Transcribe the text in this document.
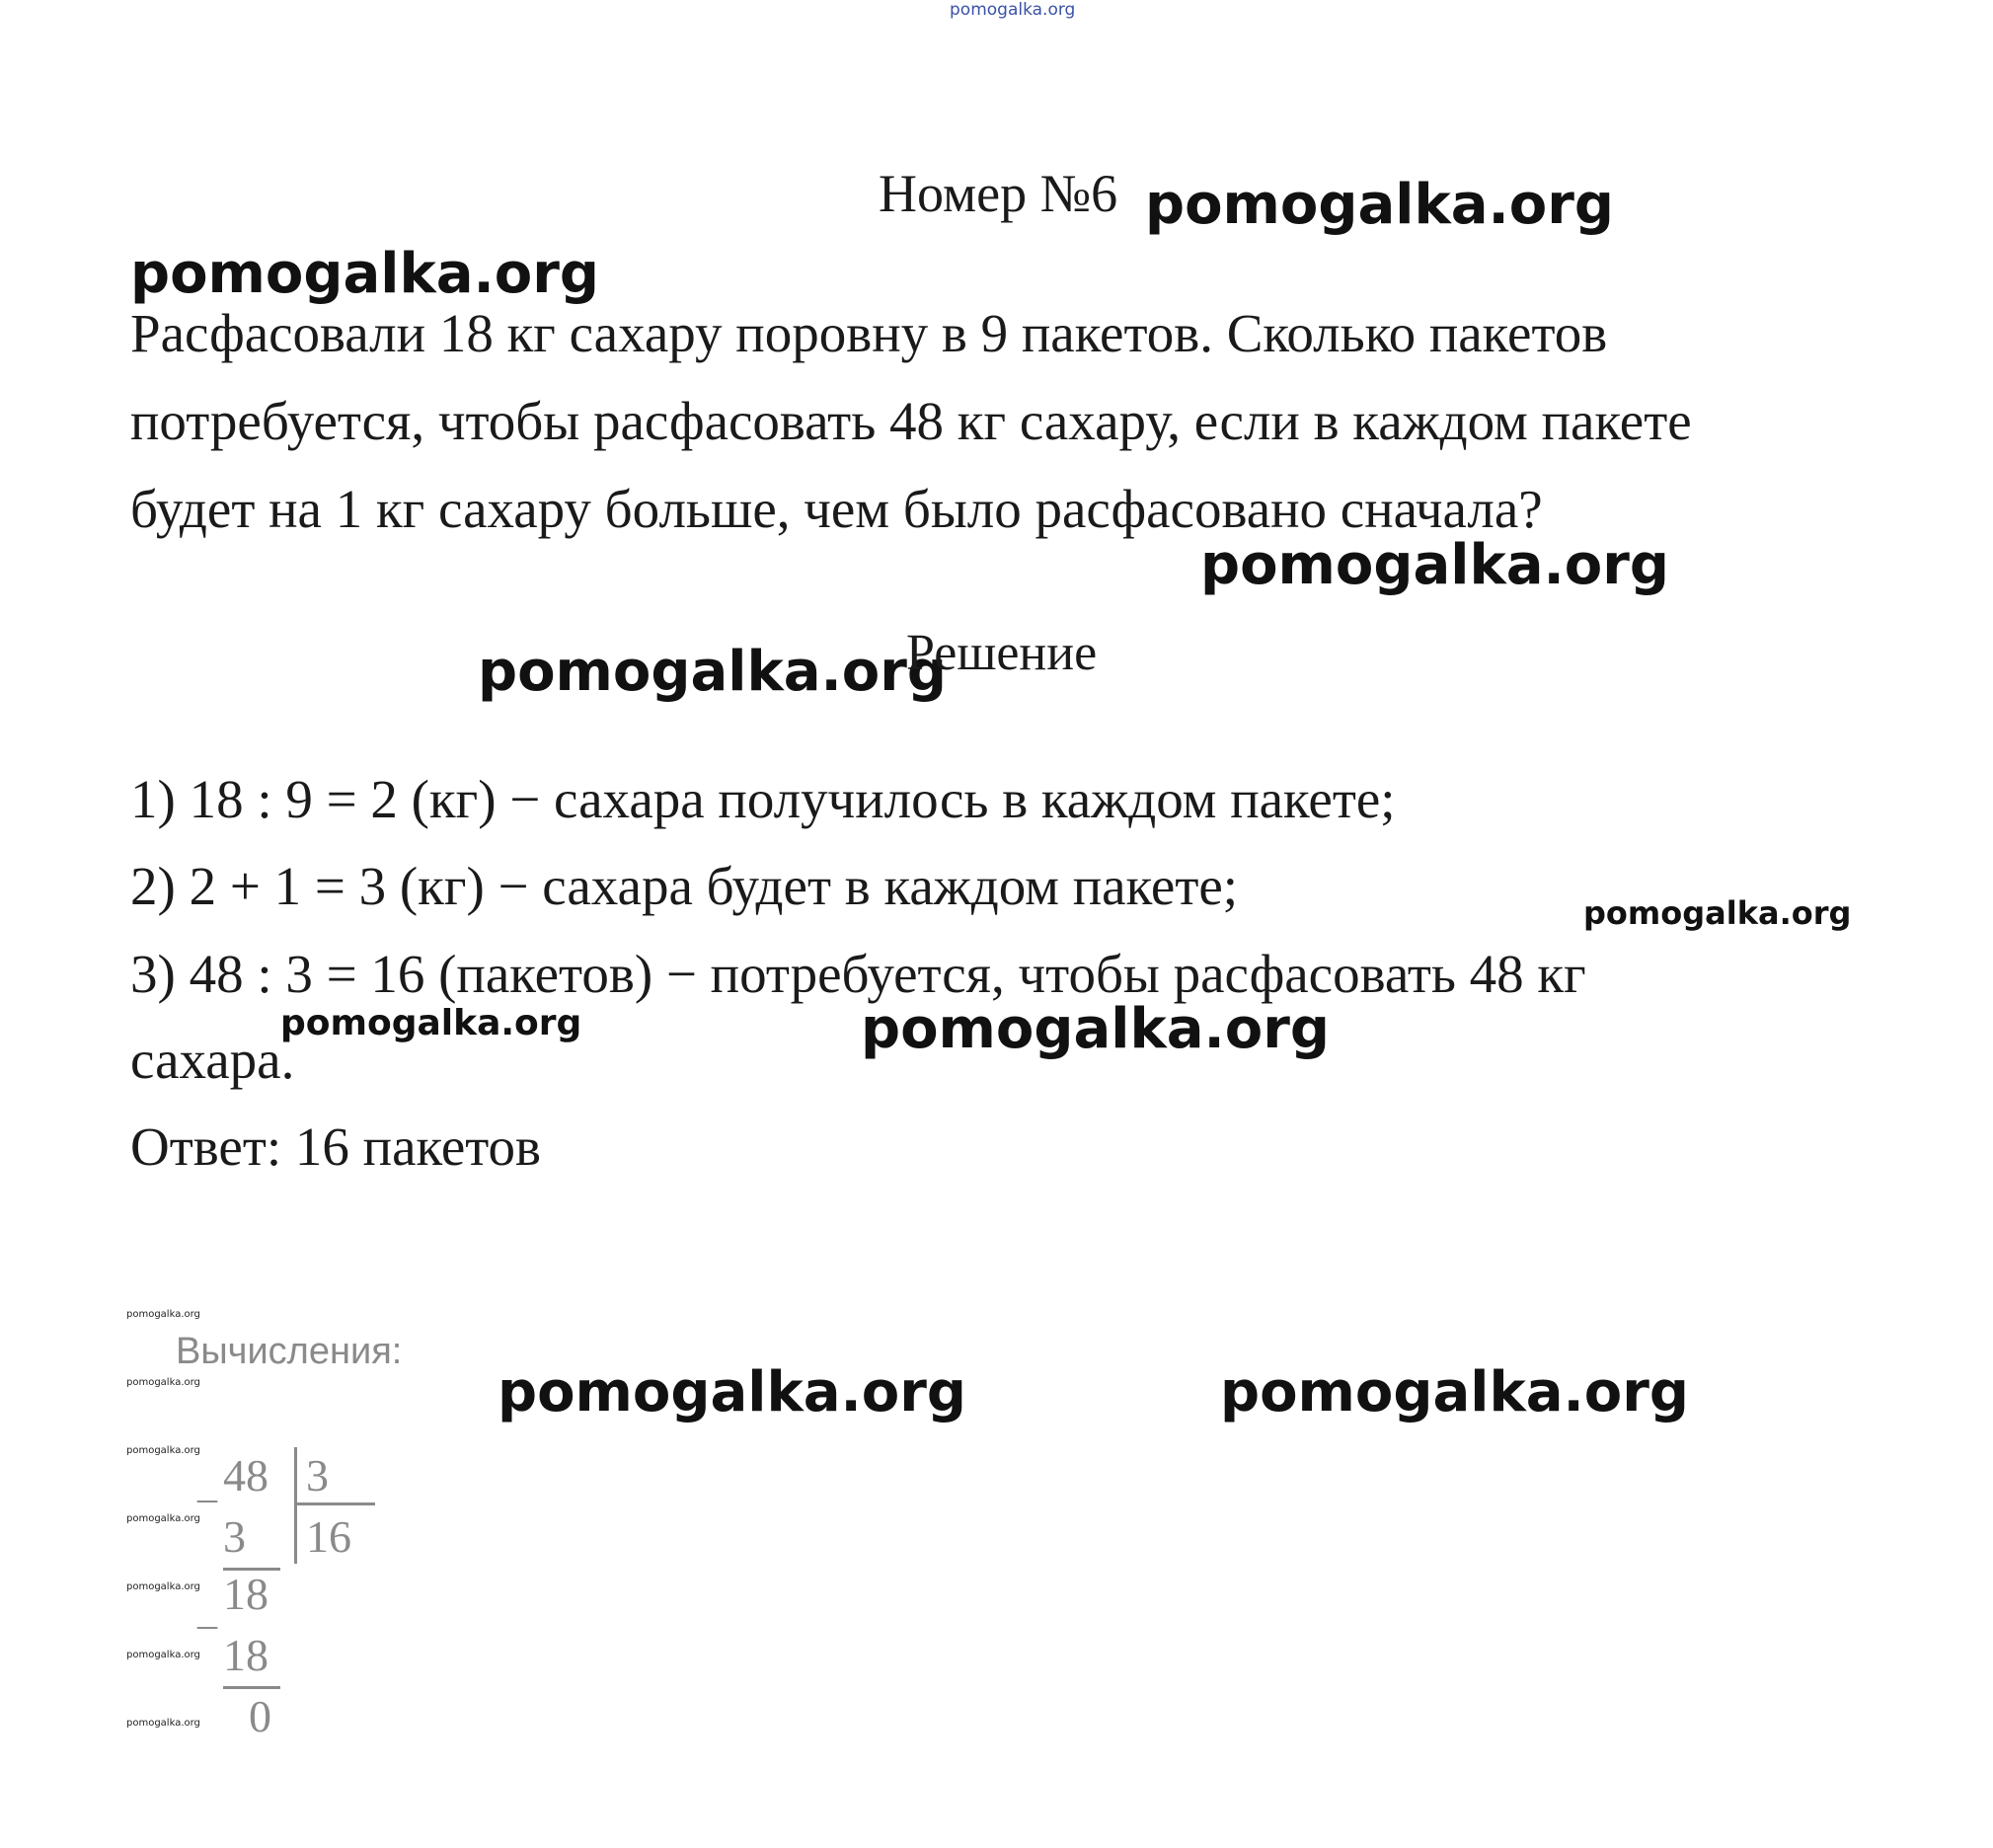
pomogalka.org
Номер №6 pomogalka.org
pomogalka.org
Расфасовали 18 кг сахару поровну в 9 пакетов. Сколько пакетов
потребуется, чтобы расфасовать 48 кг сахару, если в каждом пакете
будет на 1 кг сахару больше, чем было расфасовано сначала?
pomogalka.org
pomogalka.org
Решение
1) 18 : 9 = 2 (кг) − сахара получилось в каждом пакете;
2) 2 + 1 = 3 (кг) − сахара будет в каждом пакете;	pomogalka.org
3) 48 : 3 = 16 (пакетов) − потребуется, чтобы расфасовать 48 кг
pomogalka.org	pomogalka.org
сахара.
Ответ: 16 пакетов
pomogalka.org
Вычисления:
pomogalka.org	pomogalka.org
pomogalka.org
pomogalka.org
pomogalka.org
pomogalka.org
pomogalka.org
pomogalka.org
_ 48 3
3 16
18
_
18
0
